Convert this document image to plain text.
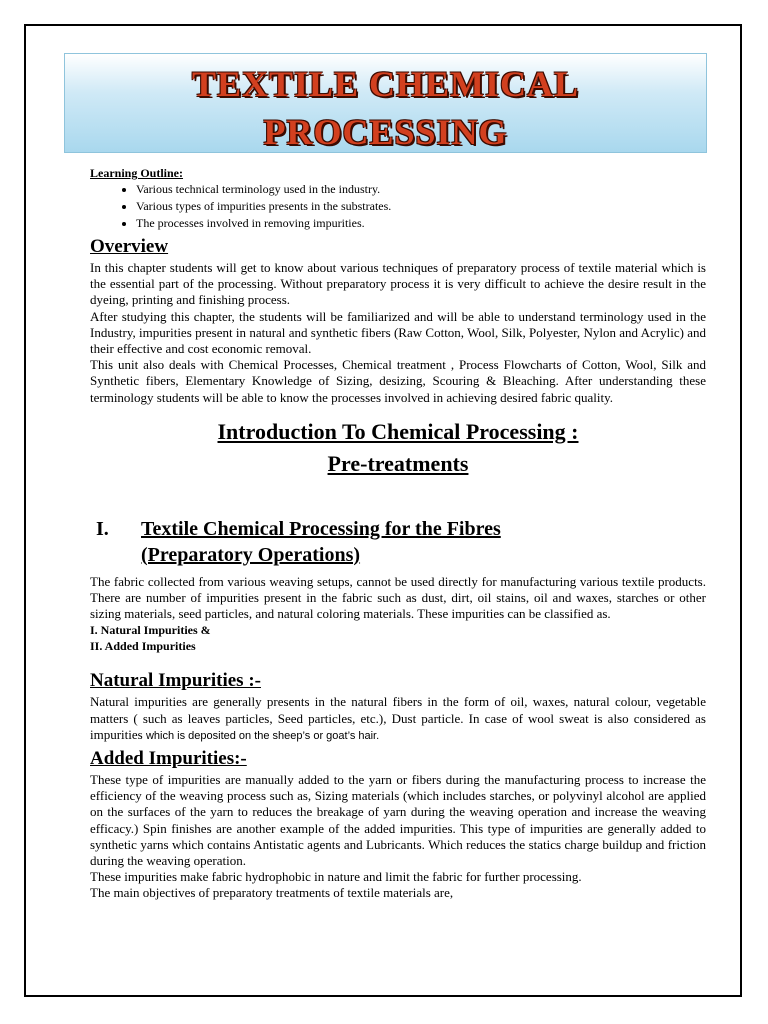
TEXTILE CHEMICAL
PROCESSING

Learning Outline:

• Various technical terminology used in the industry.
• Various types of impurities presents in the substrates.
• The processes involved in removing impurities.
Overview

In this chapter students will get to know about various techniques of preparatory process of textile material which is the essential part of the processing. Without preparatory process it is very difficult to achieve the desire result in the dyeing, printing and finishing process.

After studying this chapter, the students will be familiarized and will be able to understand terminology used in the Industry, impurities present in natural and synthetic fibers (Raw Cotton, Wool, Silk, Polyester, Nylon and Acrylic) and their effective and cost economic removal.

This unit also deals with Chemical Processes, Chemical treatment , Process Flowcharts of Cotton, Wool, Silk and Synthetic fibers, Elementary Knowledge of Sizing, desizing, Scouring & Bleaching. After understanding these terminology students will be able to know the processes involved in achieving desired fabric quality.

Introduction To Chemical Processing :
Pre-treatments
I.	Textile Chemical Processing for the Fibres
(Preparatory Operations)

The fabric collected from various weaving setups, cannot be used directly for manufacturing various textile products. There are number of impurities present in the fabric such as dust, dirt, oil stains, oil and waxes, starches or other sizing materials, seed particles, and natural coloring materials. These impurities can be classified as.

I. Natural Impurities &

II. Added Impurities

Natural Impurities :-

Natural impurities are generally presents in the natural fibers in the form of oil, waxes, natural colour, vegetable matters ( such as leaves particles, Seed particles, etc.), Dust particle. In case of wool sweat is also considered as impurities which is deposited on the sheep’s or goat’s hair.

Added Impurities:-

These type of impurities are manually added to the yarn or fibers during the manufacturing process to increase the efficiency of the weaving process such as, Sizing materials (which includes starches, or polyvinyl alcohol are applied on the surfaces of the yarn to reduces the breakage of yarn during the weaving operation and increase the weaving efficacy.) Spin finishes are another example of the added impurities. This type of impurities are generally added to synthetic yarns which contains Antistatic agents and Lubricants. Which reduces the statics charge buildup and friction during the weaving operation.

These impurities make fabric hydrophobic in nature and limit the fabric for further processing.

The main objectives of preparatory treatments of textile materials are,
